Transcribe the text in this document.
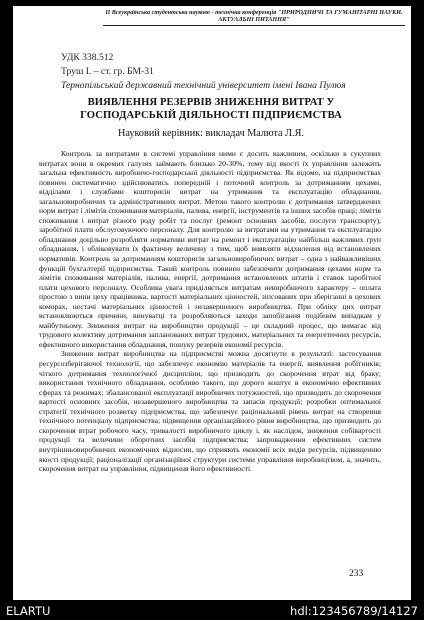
ІІ Всеукраїнська студентська науково - технічна конференція "ПРИРОДНИЧІ ТА ГУМАНІТАРНІ НАУКИ.
АКТУАЛЬНІ ПИТАННЯ"
УДК 338.512
Труш І. – ст. гр. БМ-31
Тернопільський державний технічний університет імені Івана Пулюя
ВИЯВЛЕННЯ РЕЗЕРВІВ ЗНИЖЕННЯ ВИТРАТ У
ГОСПОДАРСЬКІЙ ДІЯЛЬНОСТІ ПІДПРИЄМСТВА
Науковий керівник: викладач Малюта Л.Я.

Контроль за витратами в системі управління ними є досить важливим, оскільки в сукупних витратах вони в окремих галузях займають близько 20-30%, тому від якості їх управління залежить загальна ефективність виробничо-господарської діяльності підприємства. Як відомо, на підприємствах повинен систематично здійснюватись попередній і поточний контроль за дотриманням цехами, відділами і службами кошторисів витрат на утримання та експлуатацію обладнання, загальновиробничих та адміністративних витрат. Метою такого контролю є дотримання затверджених норм витрат і лімітів споживання матеріалів, палива, енергії, інструментів та інших засобів праці; лімітів споживання і витрат різного роду робіт та послуг (ремонт основних засобів, послуги транспорту), заробітної плати обслуговуючого персоналу. Для контролю за витратами на утримання та експлуатацію обладнання доцільно розробляти нормативи витрат на ремонт і експлуатацію найбільш важливих груп обладнання, і обліковувати їх фактичну величину з тим, щоб виявляти відхилення від встановлених нормативів. Контроль за дотриманням кошторисів загальновиробничих витрат – одна з найважливіших функцій бухгалтерії підприємства. Такий контроль повинен забезпечити дотримання цехами норм та лімітів споживання матеріалів, палива, енергії, дотримання встановлених штатів і ставок заробітної плати цехового персоналу. Особлива увага приділяється витратам невиробничого характеру – оплата простою з вини цеху працівника, вартості матеріальних цінностей, зіпсованих при зберіганні в цехових коморах, нестачі матеріальних цінностей і незавершеного виробництва. При обліку цих витрат встановлюються причини, винуватці та розробляються заходи запобігання подібним випадкам у майбутньому. Зниження витрат на виробництво продукції – це складний процес, що вимагає від трудового колективу дотримання запланованих витрат трудових, матеріальних та енергетичних ресурсів, ефективного використання обладнання, пошуку резервів економії ресурсів.

Зниження витрат виробництва на підприємстві можна досягнути в результаті: застосування ресурсозберігаючої технології, що забезпечує економію матеріалів та енергії, виявлення робітників; чіткого дотримання технологічної дисципліни, що призводить до скорочення втрат від браку; використання технічного обладнання, особливо такого, що дорого коштує в економічно ефективних сферах та режимах; збалансованої експлуатації виробничих потужностей, що призводить до скорочення вартості основних засобів, незавершеного виробництва та запасів продукції; розробки оптимальної стратегії технічного розвитку підприємства, що забезпечує раціональний рівень витрат на створення технічного потенціалу підприємства; підвищення організаційного рівня виробництва, що призводить до скорочення втрат робочого часу, тривалості виробничого циклу і, як наслідок, зниження собівартості продукції та величини оборотних засобів підприємства; запровадження ефективних систем внутрішньовиробничих економічних відносин, що сприяють економії всіх видів ресурсів, підвищенню якості продукції; раціоналізації організаційної структури системи управління виробництвом, а, значить, скорочення витрат на управління, підвищення його ефективності.

233
ELARTU	hdl:123456789/14127
